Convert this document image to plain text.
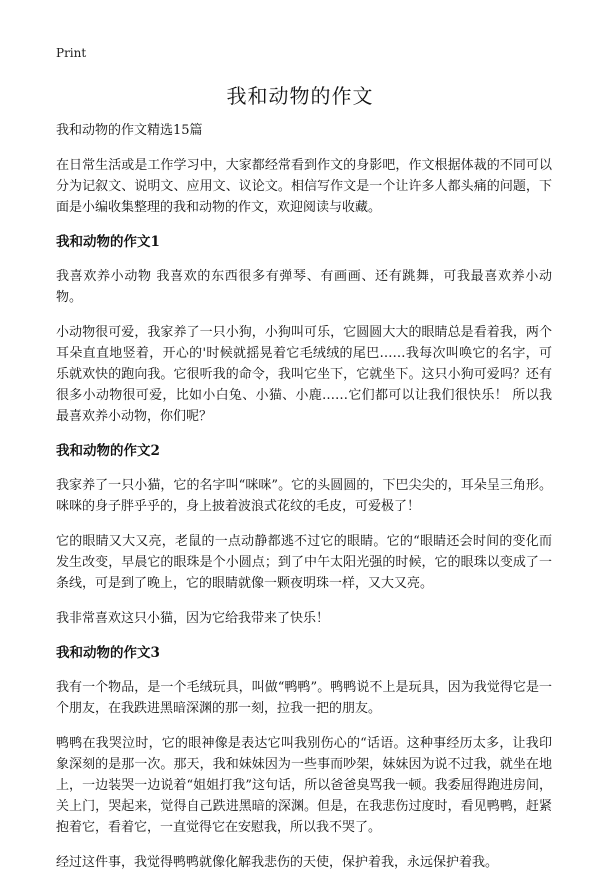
Print
我和动物的作文

我和动物的作文精选15篇

在日常生活或是工作学习中，大家都经常看到作文的身影吧，作文根据体裁的不同可以分为记叙文、说明文、应用文、议论文。相信写作文是一个让许多人都头痛的问题，下面是小编收集整理的我和动物的作文，欢迎阅读与收藏。

我和动物的作文1

我喜欢养小动物 我喜欢的东西很多有弹琴、有画画、还有跳舞，可我最喜欢养小动物。

小动物很可爱，我家养了一只小狗，小狗叫可乐，它圆圆大大的眼睛总是看着我，两个耳朵直直地竖着，开心的'时候就摇晃着它毛绒绒的尾巴……我每次叫唤它的名字，可乐就欢快的跑向我。它很听我的命令，我叫它坐下，它就坐下。这只小狗可爱吗？还有很多小动物很可爱，比如小白兔、小猫、小鹿……它们都可以让我们很快乐！ 所以我最喜欢养小动物，你们呢？

我和动物的作文2

我家养了一只小猫，它的名字叫“咪咪”。它的头圆圆的，下巴尖尖的，耳朵呈三角形。咪咪的身子胖乎乎的，身上披着波浪式花纹的毛皮，可爱极了！

它的眼睛又大又亮，老鼠的一点动静都逃不过它的眼睛。它的“眼睛还会时间的变化而发生改变，早晨它的眼珠是个小圆点；到了中午太阳光强的时候，它的眼珠以变成了一条线，可是到了晚上，它的眼睛就像一颗夜明珠一样，又大又亮。

我非常喜欢这只小猫，因为它给我带来了快乐！

我和动物的作文3

我有一个物品，是一个毛绒玩具，叫做“鸭鸭”。鸭鸭说不上是玩具，因为我觉得它是一个朋友，在我跌进黑暗深渊的那一刻，拉我一把的朋友。

鸭鸭在我哭泣时，它的眼神像是表达它叫我别伤心的“话语。这种事经历太多，让我印象深刻的是那一次。那天，我和妹妹因为一些事而吵架，妹妹因为说不过我，就坐在地上，一边装哭一边说着“姐姐打我”这句话，所以爸爸臭骂我一顿。我委屈得跑进房间，关上门，哭起来，觉得自己跌进黑暗的深渊。但是，在我悲伤过度时，看见鸭鸭，赶紧抱着它，看着它，一直觉得它在安慰我，所以我不哭了。

经过这件事，我觉得鸭鸭就像化解我悲伤的天使，保护着我，永远保护着我。
